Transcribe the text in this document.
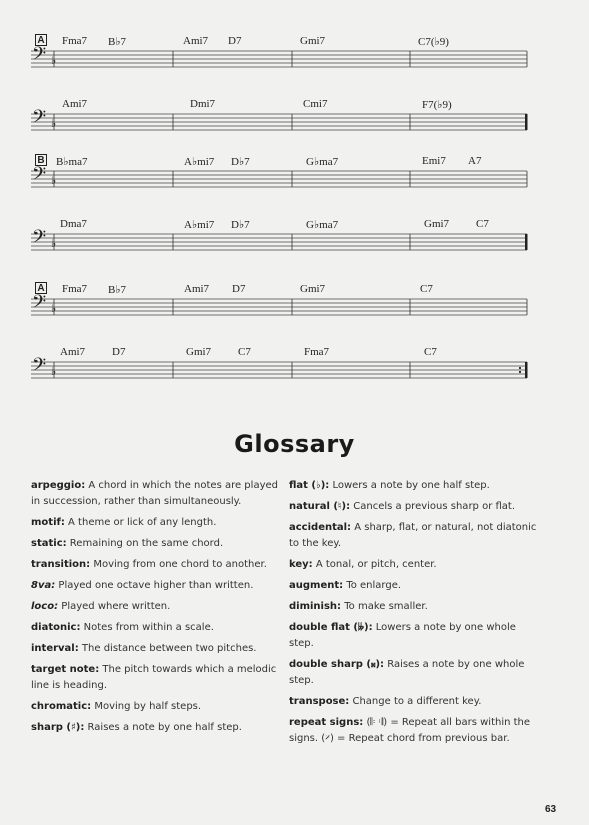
A Fma7 B♭7	Ami7 D7	Gmi7	C7(♭9)
𝄢 ♭
Ami7	Dmi7	Cmi7	F7(♭9)
𝄢 ♭
B B♭ma7	A♭mi7 D♭7	G♭ma7	Emi7 A7
𝄢 ♭
Dma7	A♭mi7 D♭7	G♭ma7	Gmi7 C7
𝄢 ♭
A Fma7 B♭7	Ami7 D7	Gmi7	C7
𝄢 ♭
Ami7 D7	Gmi7 C7	Fma7	C7
𝄢 ♭
Glossary
arpeggio: A chord in which the notes are played in succession, rather than simultaneously.
motif: A theme or lick of any length.
static: Remaining on the same chord.
transition: Moving from one chord to another.
8va: Played one octave higher than written.
loco: Played where written.
diatonic: Notes from within a scale.
interval: The distance between two pitches.
target note: The pitch towards which a melodic line is heading.
chromatic: Moving by half steps.
sharp (♯): Raises a note by one half step.
flat (♭): Lowers a note by one half step.
natural (♮): Cancels a previous sharp or flat.
accidental: A sharp, flat, or natural, not diatonic to the key.
key: A tonal, or pitch, center.
augment: To enlarge.
diminish: To make smaller.
double flat (𝄫): Lowers a note by one whole step.
double sharp (𝄪): Raises a note by one whole step.
transpose: Change to a different key.
repeat signs: (𝄆 𝄇) = Repeat all bars within the signs. (𝄎) = Repeat chord from previous bar.
63
